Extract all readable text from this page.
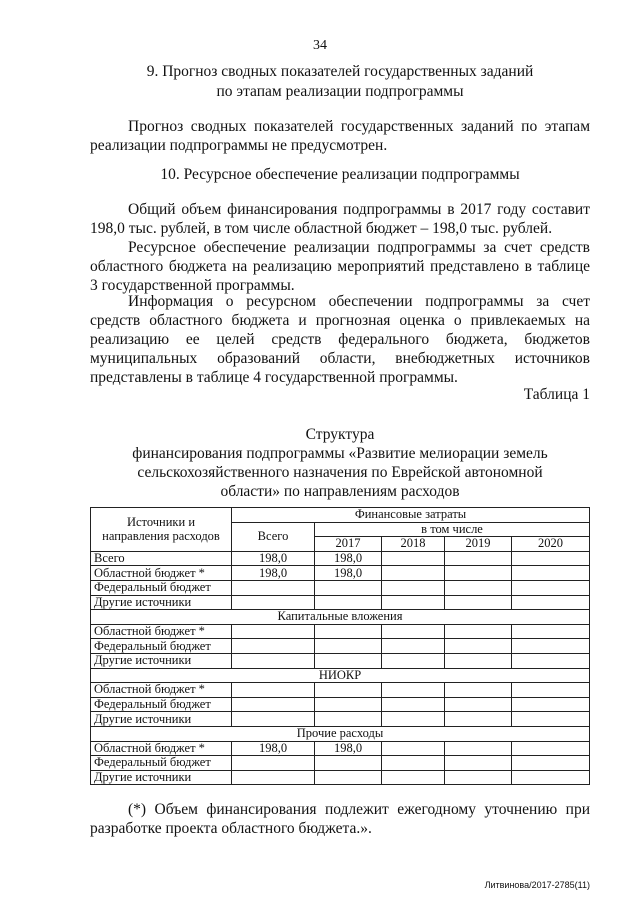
34
9. Прогноз сводных показателей государственных заданий
по этапам реализации подпрограммы

Прогноз сводных показателей государственных заданий по этапам реализации подпрограммы не предусмотрен.

10. Ресурсное обеспечение реализации подпрограммы

Общий объем финансирования подпрограммы в 2017 году составит 198,0 тыс. рублей, в том числе областной бюджет – 198,0 тыс. рублей.

Ресурсное обеспечение реализации подпрограммы за счет средств областного бюджета на реализацию мероприятий представлено в таблице 3 государственной программы.

Информация о ресурсном обеспечении подпрограммы за счет средств областного бюджета и прогнозная оценка о привлекаемых на реализацию ее целей средств федерального бюджета, бюджетов муниципальных образований области, внебюджетных источников представлены в таблице 4 государственной программы.

Таблица 1
Структура
финансирования подпрограммы «Развитие мелиорации земель
сельскохозяйственного назначения по Еврейской автономной
области» по направлениям расходов
Источники и направления расходов	Финансовые затраты				
	Всего	в том числе			
		2017	2018	2019	2020
Всего	198,0	198,0			
Областной бюджет *	198,0	198,0			
Федеральный бюджет					
Другие источники					
Капитальные вложения					
Областной бюджет *					
Федеральный бюджет					
Другие источники					
НИОКР					
Областной бюджет *					
Федеральный бюджет					
Другие источники					
Прочие расходы					
Областной бюджет *	198,0	198,0			
Федеральный бюджет					
Другие источники					

(*) Объем финансирования подлежит ежегодному уточнению при разработке проекта областного бюджета.».

Литвинова/2017-2785(11)
